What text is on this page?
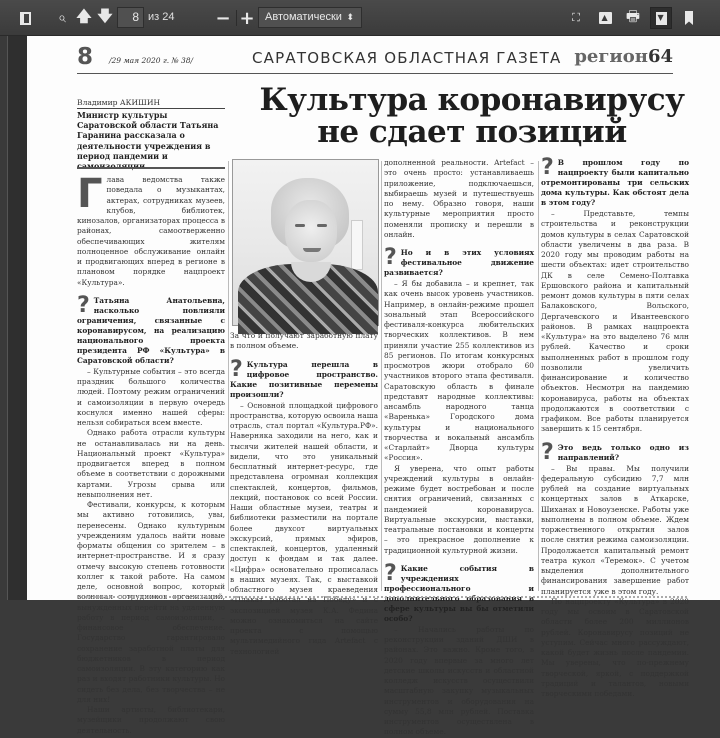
⌕ 🡅 🡇	8 из 24 − + Автоматически ⬍	⛶	▲ 🖶 ▼
8 /29 мая 2020 г. № 38/	САРАТОВСКАЯ ОБЛАСТНАЯ ГАЗЕТА регион64
Владимир АКИШИН
Министр культуры Саратовской области Татьяна Гаранина рассказала о деятельности учреждения в период пандемии и
Культура коронавирусу
не сдает позиций
Глава ведомства также поведала о музыкантах, актерах, сотрудниках музеев, клубов, библиотек, кинозалов, организаторах процесса в районах, самоотверженно обеспечивающих жителям полноценное обслуживание онлайн и продвигающих вперед в регионе в плановом порядке нацпроект «Культура».
? Татьяна Анатольевна, насколько повлияли ограничения, связанные с коронавирусом, на реализацию национального проекта президента РФ «Культура» в Саратовской области?

– Культурные события – это всегда праздник большого количества людей. Поэтому режим ограничений и самоизоляции в первую очередь коснулся именно нашей сферы: нельзя собираться всем вместе.

Однако работа отрасли культуры не останавливалась ни на день. Национальный проект «Культура» продвигается вперед в полном объеме в соответствии с дорожными картами. Угрозы срыва или невыполнения нет.

Фестивали, конкурсы, к которым мы активно готовились, увы, перенесены. Однако культурным учреждениям удалось найти новые форматы общения со зрителем – в интернет-пространстве. И я сразу отмечу высокую степень готовности коллег к такой работе. На самом деле, основной вопрос, который волновал сотрудников организаций, вынужденных перейти на удаленную работу в период самоизоляции, – финансовое обеспечение. Государство гарантировало сохранение заработной платы для бюджетников в период самоизоляции. В эту категорию как раз и входят работники культуры. Но сидеть без дела, без творчества – не для них!

Наши артисты, библиотекари, музейщики продолжают свою деятельность.

За что и получают заработную плату в полном объеме.
? Культура перешла в цифровое пространство. Какие позитивные перемены произошли?

– Основной площадкой цифрового пространства, которую освоила наша отрасль, стал портал «Культура.РФ». Наверняка заходили на него, как и тысячи жителей нашей области, и видели, что это уникальный бесплатный интернет-ресурс, где представлена огромная коллекция спектаклей, концертов, фильмов, лекций, постановок со всей России. Наши областные музеи, театры и библиотеки разместили на портале более двухсот виртуальных экскурсий, прямых эфиров, спектаклей, концертов, удаленный доступ к фондам и так далее. «Цифра» основательно прописалась в наших музеях. Так, с выставкой областного музея краеведения «Плакат работал на Победу» и с экспозицией музея К.А. Федина можно ознакомиться на сайте проекта с помощью мультимедийного гида Artefact с технологией

дополненной реальности. Artefact – это очень просто: устанавливаешь приложение, подключаешься, выбираешь музей и путешествуешь по нему. Образно говоря, наши культурные мероприятия просто поменяли прописку и перешли в онлайн.
? Но и в этих условиях фестивальное движение развивается?

– Я бы добавила – и крепнет, так как очень высок уровень участников. Например, в онлайн-режиме прошел зональный этап Всероссийского фестиваля-конкурса любительских творческих коллективов. В нем приняли участие 255 коллективов из 85 регионов. По итогам конкурсных просмотров жюри отобрало 60 участников второго этапа фестиваля. Саратовскую область в финале представят народные коллективы: ансамбль народного танца «Варенька» Городского дома культуры и национального творчества и вокальный ансамбль «Старлайт» Дворца культуры «Россия».

Я уверена, что опыт работы учреждений культуры в онлайн-режиме будет востребован и после снятия ограничений, связанных с пандемией коронавируса. Виртуальные экскурсии, выставки, театральные постановки и концерты – это прекрасное дополнение к традиционной культурной жизни.

? Какие события в учреждениях профессионального и дополнительного образования в сфере культуры вы бы отметили особо?

– Начались работы по реконструкции зданий ДШИ в районах. Это важно. Кроме того, в 2020 году впервые за много лет детские школы искусств и областной колледж искусств осуществили масштабную закупку музыкальных инструментов и оборудования на сумму 55,8 млн рублей. Поставка инструментов осуществлена в полном объеме.

? В прошлом году по нацпроекту были капитально отремонтированы три сельских дома культуры. Как обстоят дела в этом году?

– Представьте, темпы строительства и реконструкции домов культуры в селах Саратовской области увеличены в два раза. В 2020 году мы проводим работы на шести объектах: идет строительство ДК в селе Семено-Полтавка Ершовского района и капитальный ремонт домов культуры в пяти селах Балаковского, Вольского, Дергачевского и Ивантеевского районов. В рамках нацпроекта «Культура» на это выделено 76 млн рублей. Качество и сроки выполненных работ в прошлом году позволили увеличить финансирование и количество объектов. Несмотря на пандемию коронавируса, работы на объектах продолжаются в соответствии с графиком. Все работы планируется завершить к 15 сентября.

? Это ведь только одно из направлений?

– Вы правы. Мы получили федеральную субсидию 7,7 млн рублей на создание виртуальных концертных залов в Аткарске, Шиханах и Новоузенске. Работы уже выполнены в полном объеме. Ждем торжественного открытия залов после снятия режима самоизоляции. Продолжается капитальный ремонт театра кукол «Теремок». С учетом выделения дополнительного финансирования завершение работ планируется уже в этом году.

По нацпроекту «Культура» в 2020 году мы освоим в Саратовской области более 200 миллионов рублей. Коронавирусу позиций не уступим. Сейчас много рассуждают, какой будет жизнь после пандемии. Мы уверены, что по-прежнему творческой, яркой, с поддержкой традиций и талантов, новыми творческими победами.
